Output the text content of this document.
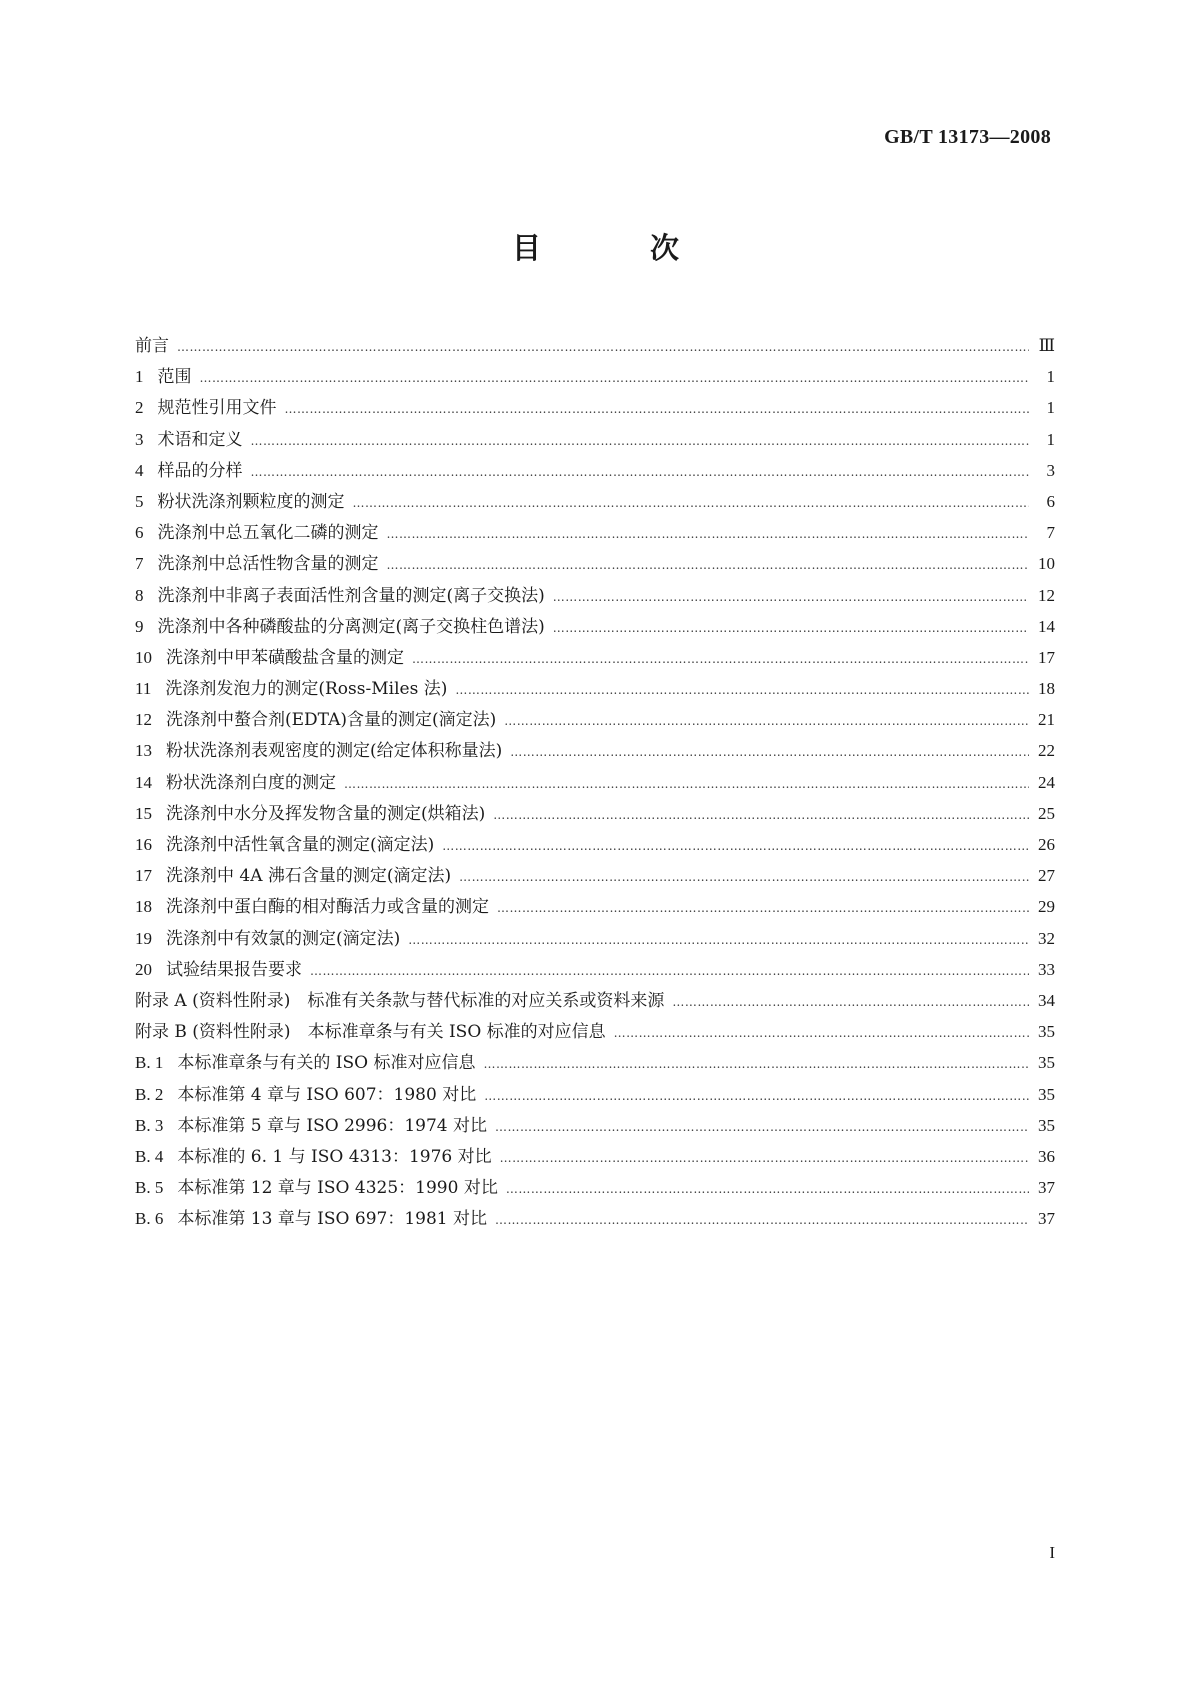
GB/T 13173—2008
目　次
前言 ……………………………………………………………………………………………………………………………………………………………………………………………………………………………………	Ⅲ
1 范围 ……………………………………………………………………………………………………………………………………………………………………………………………………………………………………	1
2 规范性引用文件 ……………………………………………………………………………………………………………………………………………………………………………………………………………………………………	1
3 术语和定义 ……………………………………………………………………………………………………………………………………………………………………………………………………………………………………	1
4 样品的分样 ……………………………………………………………………………………………………………………………………………………………………………………………………………………………………	3
5 粉状洗涤剂颗粒度的测定 ……………………………………………………………………………………………………………………………………………………………………………………………………………………………………	6
6 洗涤剂中总五氧化二磷的测定 ……………………………………………………………………………………………………………………………………………………………………………………………………………………………………	7
7 洗涤剂中总活性物含量的测定 ……………………………………………………………………………………………………………………………………………………………………………………………………………………………………	10
8 洗涤剂中非离子表面活性剂含量的测定(离子交换法) ……………………………………………………………………………………………………………………………………………………………………………………………………………………………………	12
9 洗涤剂中各种磷酸盐的分离测定(离子交换柱色谱法) ……………………………………………………………………………………………………………………………………………………………………………………………………………………………………	14
10 洗涤剂中甲苯磺酸盐含量的测定 ……………………………………………………………………………………………………………………………………………………………………………………………………………………………………	17
11 洗涤剂发泡力的测定(Ross-Miles 法) ……………………………………………………………………………………………………………………………………………………………………………………………………………………………………	18
12 洗涤剂中螯合剂(EDTA)含量的测定(滴定法) ……………………………………………………………………………………………………………………………………………………………………………………………………………………………………	21
13 粉状洗涤剂表观密度的测定(给定体积称量法) ……………………………………………………………………………………………………………………………………………………………………………………………………………………………………	22
14 粉状洗涤剂白度的测定 ……………………………………………………………………………………………………………………………………………………………………………………………………………………………………	24
15 洗涤剂中水分及挥发物含量的测定(烘箱法) ……………………………………………………………………………………………………………………………………………………………………………………………………………………………………	25
16 洗涤剂中活性氧含量的测定(滴定法) ……………………………………………………………………………………………………………………………………………………………………………………………………………………………………	26
17 洗涤剂中 4A 沸石含量的测定(滴定法) ……………………………………………………………………………………………………………………………………………………………………………………………………………………………………	27
18 洗涤剂中蛋白酶的相对酶活力或含量的测定 ……………………………………………………………………………………………………………………………………………………………………………………………………………………………………	29
19 洗涤剂中有效氯的测定(滴定法) ……………………………………………………………………………………………………………………………………………………………………………………………………………………………………	32
20 试验结果报告要求 ……………………………………………………………………………………………………………………………………………………………………………………………………………………………………	33
附录 A (资料性附录)　标准有关条款与替代标准的对应关系或资料来源 ……………………………………………………………………………………………………………………………………………………………………………………………………………………………………	34
附录 B (资料性附录)　本标准章条与有关 ISO 标准的对应信息 ……………………………………………………………………………………………………………………………………………………………………………………………………………………………………	35
B. 1 本标准章条与有关的 ISO 标准对应信息 ……………………………………………………………………………………………………………………………………………………………………………………………………………………………………	35
B. 2 本标准第 4 章与 ISO 607：1980 对比 ……………………………………………………………………………………………………………………………………………………………………………………………………………………………………	35
B. 3 本标准第 5 章与 ISO 2996：1974 对比 ……………………………………………………………………………………………………………………………………………………………………………………………………………………………………	35
B. 4 本标准的 6. 1 与 ISO 4313：1976 对比 ……………………………………………………………………………………………………………………………………………………………………………………………………………………………………	36
B. 5 本标准第 12 章与 ISO 4325：1990 对比 ……………………………………………………………………………………………………………………………………………………………………………………………………………………………………	37
B. 6 本标准第 13 章与 ISO 697：1981 对比 ……………………………………………………………………………………………………………………………………………………………………………………………………………………………………	37
I
